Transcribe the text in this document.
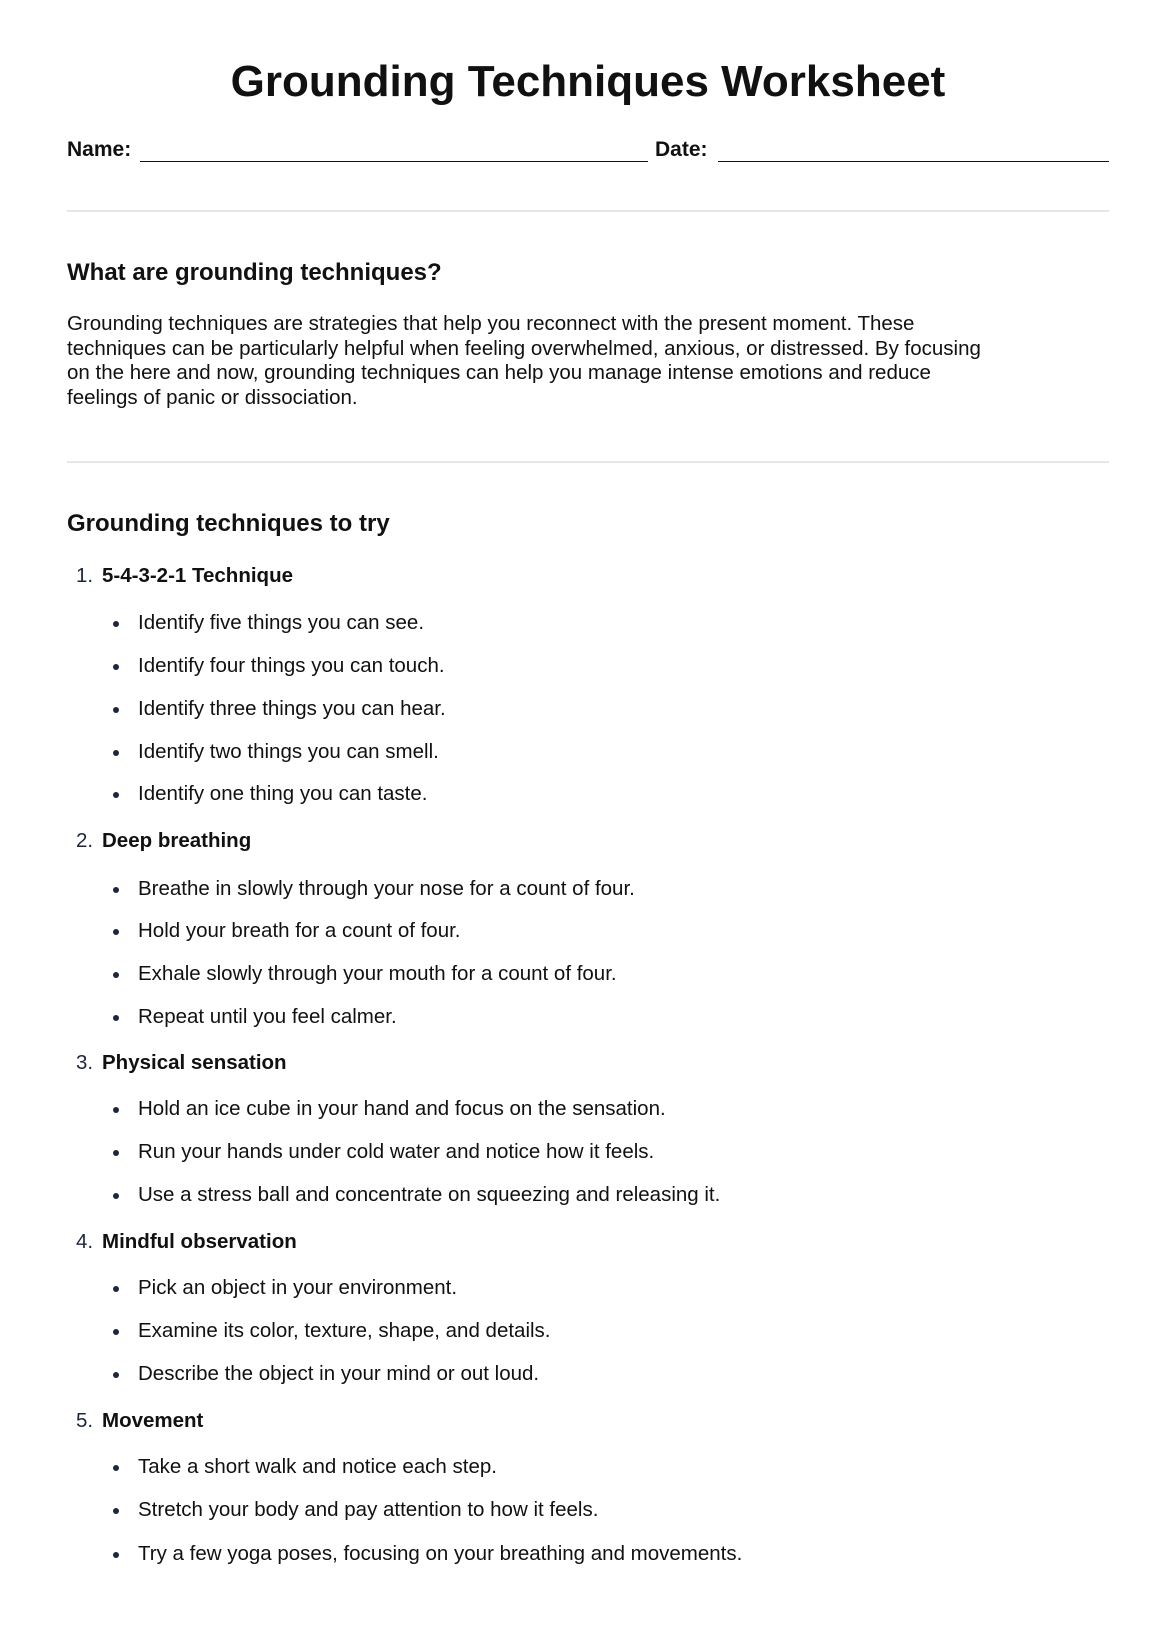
Grounding Techniques Worksheet
Name:	Date:
What are grounding techniques?

Grounding techniques are strategies that help you reconnect with the present moment. These
techniques can be particularly helpful when feeling overwhelmed, anxious, or distressed. By focusing
on the here and now, grounding techniques can help you manage intense emotions and reduce
feelings of panic or dissociation.

Grounding techniques to try
1. 5-4-3-2-1 Technique
Identify five things you can see.
Identify four things you can touch.
Identify three things you can hear.
Identify two things you can smell.
Identify one thing you can taste.
2. Deep breathing
Breathe in slowly through your nose for a count of four.
Hold your breath for a count of four.
Exhale slowly through your mouth for a count of four.
Repeat until you feel calmer.
3. Physical sensation
Hold an ice cube in your hand and focus on the sensation.
Run your hands under cold water and notice how it feels.
Use a stress ball and concentrate on squeezing and releasing it.
4. Mindful observation
Pick an object in your environment.
Examine its color, texture, shape, and details.
Describe the object in your mind or out loud.
5. Movement
Take a short walk and notice each step.
Stretch your body and pay attention to how it feels.
Try a few yoga poses, focusing on your breathing and movements.
